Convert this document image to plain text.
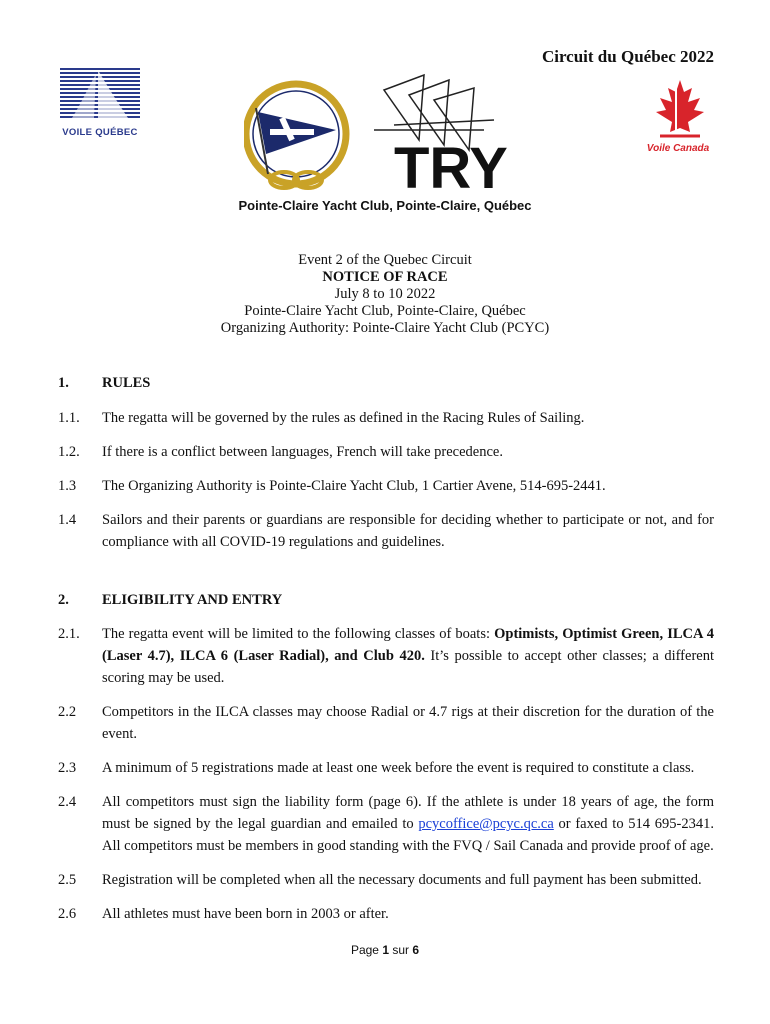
Circuit du Québec 2022
VOILE QUÉBEC
TRY	Voile Canada
Pointe-Claire Yacht Club, Pointe-Claire, Québec
Event 2 of the Quebec Circuit
NOTICE OF RACE
July 8 to 10 2022
Pointe-Claire Yacht Club, Pointe-Claire, Québec
Organizing Authority: Pointe-Claire Yacht Club (PCYC)
1. RULES
1.1. The regatta will be governed by the rules as defined in the Racing Rules of Sailing.
1.2. If there is a conflict between languages, French will take precedence.
1.3 The Organizing Authority is Pointe-Claire Yacht Club, 1 Cartier Avene, 514-695-2441.
1.4 Sailors and their parents or guardians are responsible for deciding whether to participate or not, and for compliance with all COVID-19 regulations and guidelines.
2. ELIGIBILITY AND ENTRY
2.1. The regatta event will be limited to the following classes of boats: Optimists, Optimist Green, ILCA 4 (Laser 4.7), ILCA 6 (Laser Radial), and Club 420. It’s possible to accept other classes; a different scoring may be used.
2.2 Competitors in the ILCA classes may choose Radial or 4.7 rigs at their discretion for the duration of the event.
2.3 A minimum of 5 registrations made at least one week before the event is required to constitute a class.
2.4 All competitors must sign the liability form (page 6). If the athlete is under 18 years of age, the form must be signed by the legal guardian and emailed to pcycoffice@pcyc.qc.ca or faxed to 514 695-2341. All competitors must be members in good standing with the FVQ / Sail Canada and provide proof of age.
2.5 Registration will be completed when all the necessary documents and full payment has been submitted.
2.6 All athletes must have been born in 2003 or after.
Page 1 sur 6
